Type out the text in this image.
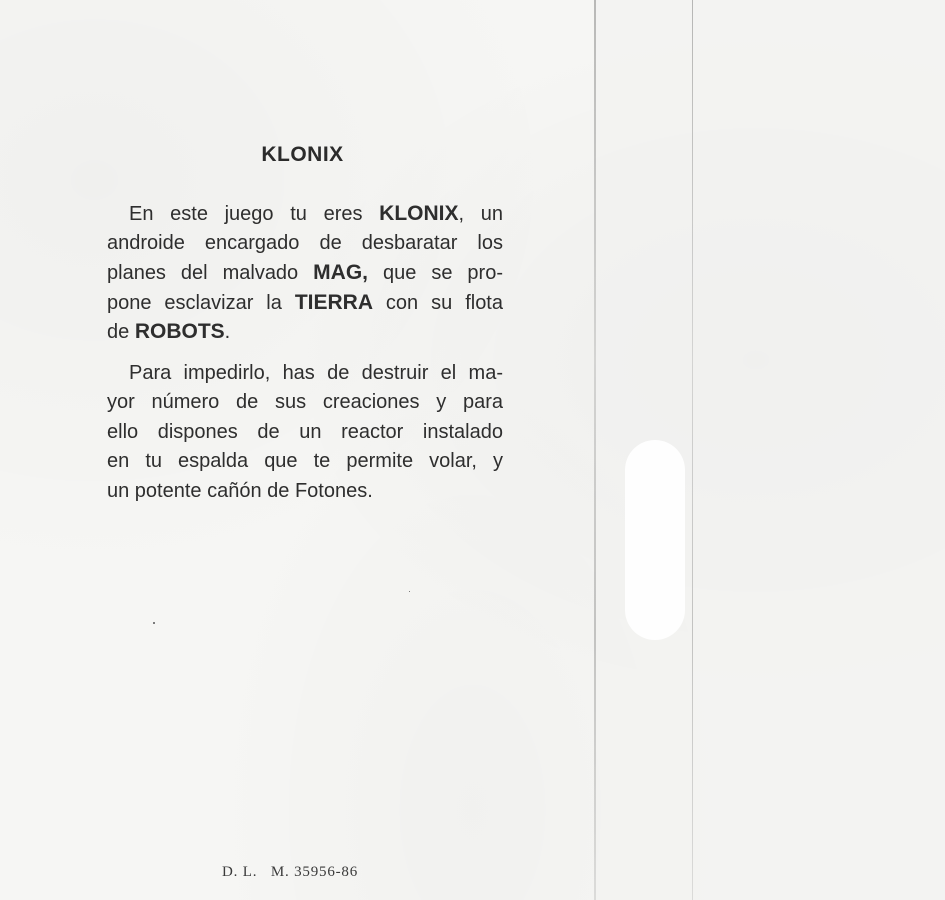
KLONIX
En este juego tu eres KLONIX, un
androide encargado de desbaratar los
planes del malvado MAG, que se pro-
pone esclavizar la TIERRA con su flota
de ROBOTS.
Para impedirlo, has de destruir el ma-
yor número de sus creaciones y para
ello dispones de un reactor instalado
en tu espalda que te permite volar, y
un potente cañón de Fotones.
D. L.   M. 35956-86
